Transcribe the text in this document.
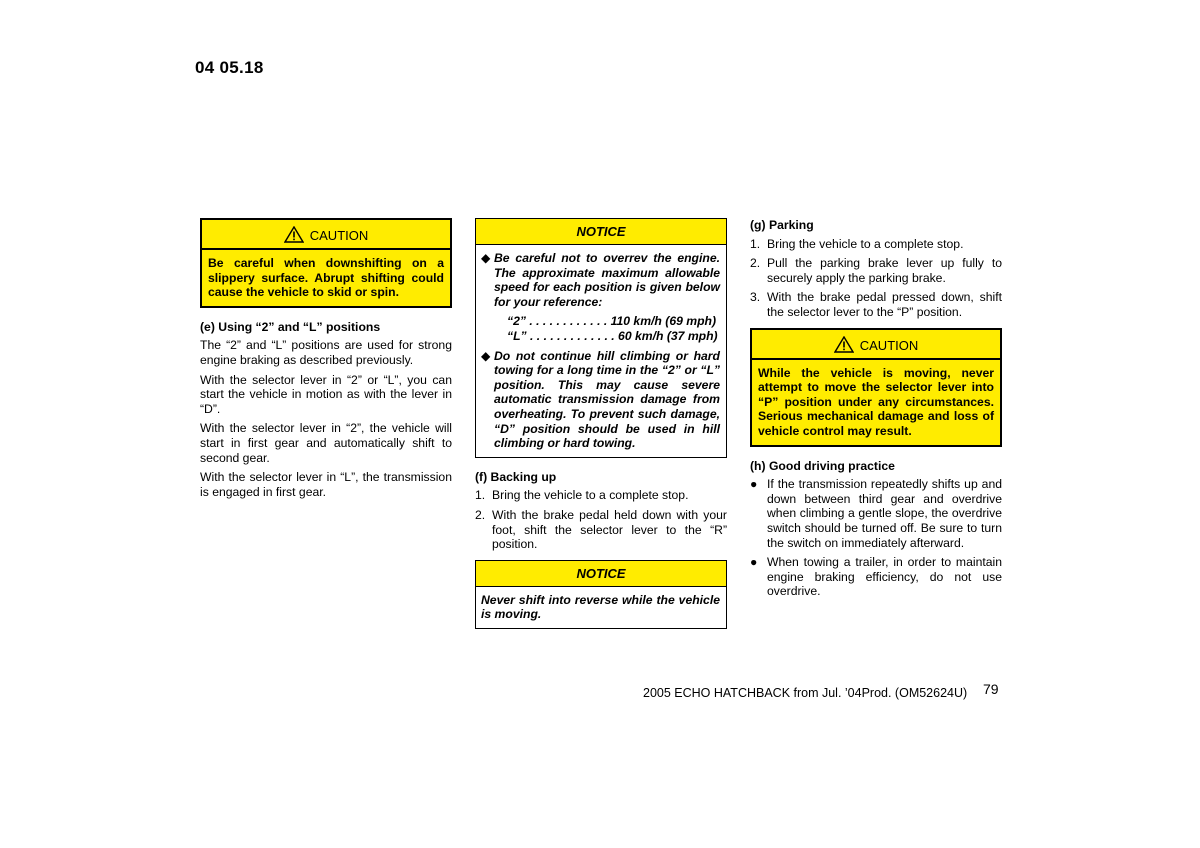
04 05.18
CAUTION
Be careful when downshifting on a slippery surface. Abrupt shifting could cause the vehicle to skid or spin.
(e) Using “2” and “L” positions

The “2” and “L” positions are used for strong engine braking as described previously.

With the selector lever in “2” or “L”, you can start the vehicle in motion as with the lever in “D”.

With the selector lever in “2”, the vehicle will start in first gear and automatically shift to second gear.

With the selector lever in “L”, the transmission is engaged in first gear.

NOTICE
◆ Be careful not to overrev the engine. The approximate maximum allowable speed for each position is given below for your reference:
“2” . . . . . . . . . . . . 110 km/h (69 mph)
“L” . . . . . . . . . . . . . 60 km/h (37 mph)
◆ Do not continue hill climbing or hard towing for a long time in the “2” or “L” position. This may cause severe automatic transmission damage from overheating. To prevent such damage, “D” position should be used in hill climbing or hard towing.
(f) Backing up
1. Bring the vehicle to a complete stop.
2. With the brake pedal held down with your foot, shift the selector lever to the “R” position.
NOTICE
Never shift into reverse while the vehicle is moving.
(g) Parking
1. Bring the vehicle to a complete stop.
2. Pull the parking brake lever up fully to securely apply the parking brake.
3. With the brake pedal pressed down, shift the selector lever to the “P” position.
CAUTION
While the vehicle is moving, never attempt to move the selector lever into “P” position under any circumstances. Serious mechanical damage and loss of vehicle control may result.
(h) Good driving practice
● If the transmission repeatedly shifts up and down between third gear and overdrive when climbing a gentle slope, the overdrive switch should be turned off. Be sure to turn the switch on immediately afterward.
● When towing a trailer, in order to maintain engine braking efficiency, do not use overdrive.
2005 ECHO HATCHBACK from Jul. ’04Prod. (OM52624U) 79
